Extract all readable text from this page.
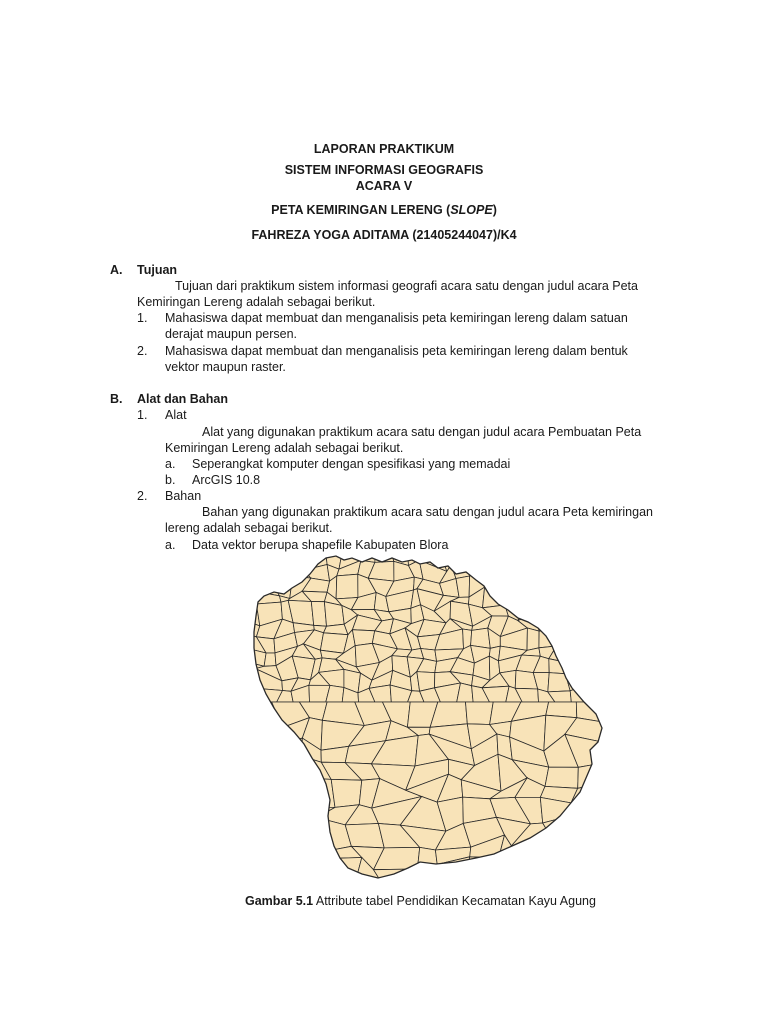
LAPORAN PRAKTIKUM
SISTEM INFORMASI GEOGRAFIS
ACARA V
PETA KEMIRINGAN LERENG (SLOPE)
FAHREZA YOGA ADITAMA (21405244047)/K4
A. Tujuan
Tujuan dari praktikum sistem informasi geografi acara satu dengan judul acara Peta
Kemiringan Lereng adalah sebagai berikut.
1. Mahasiswa dapat membuat dan menganalisis peta kemiringan lereng dalam satuan
derajat maupun persen.
2. Mahasiswa dapat membuat dan menganalisis peta kemiringan lereng dalam bentuk
vektor maupun raster.
B. Alat dan Bahan
1. Alat
Alat yang digunakan praktikum acara satu dengan judul acara Pembuatan Peta
Kemiringan Lereng adalah sebagai berikut.
a. Seperangkat komputer dengan spesifikasi yang memadai
b. ArcGIS 10.8
2. Bahan
Bahan yang digunakan praktikum acara satu dengan judul acara Peta kemiringan
lereng adalah sebagai berikut.
a. Data vektor berupa shapefile Kabupaten Blora
Gambar 5.1 Attribute tabel Pendidikan Kecamatan Kayu Agung
